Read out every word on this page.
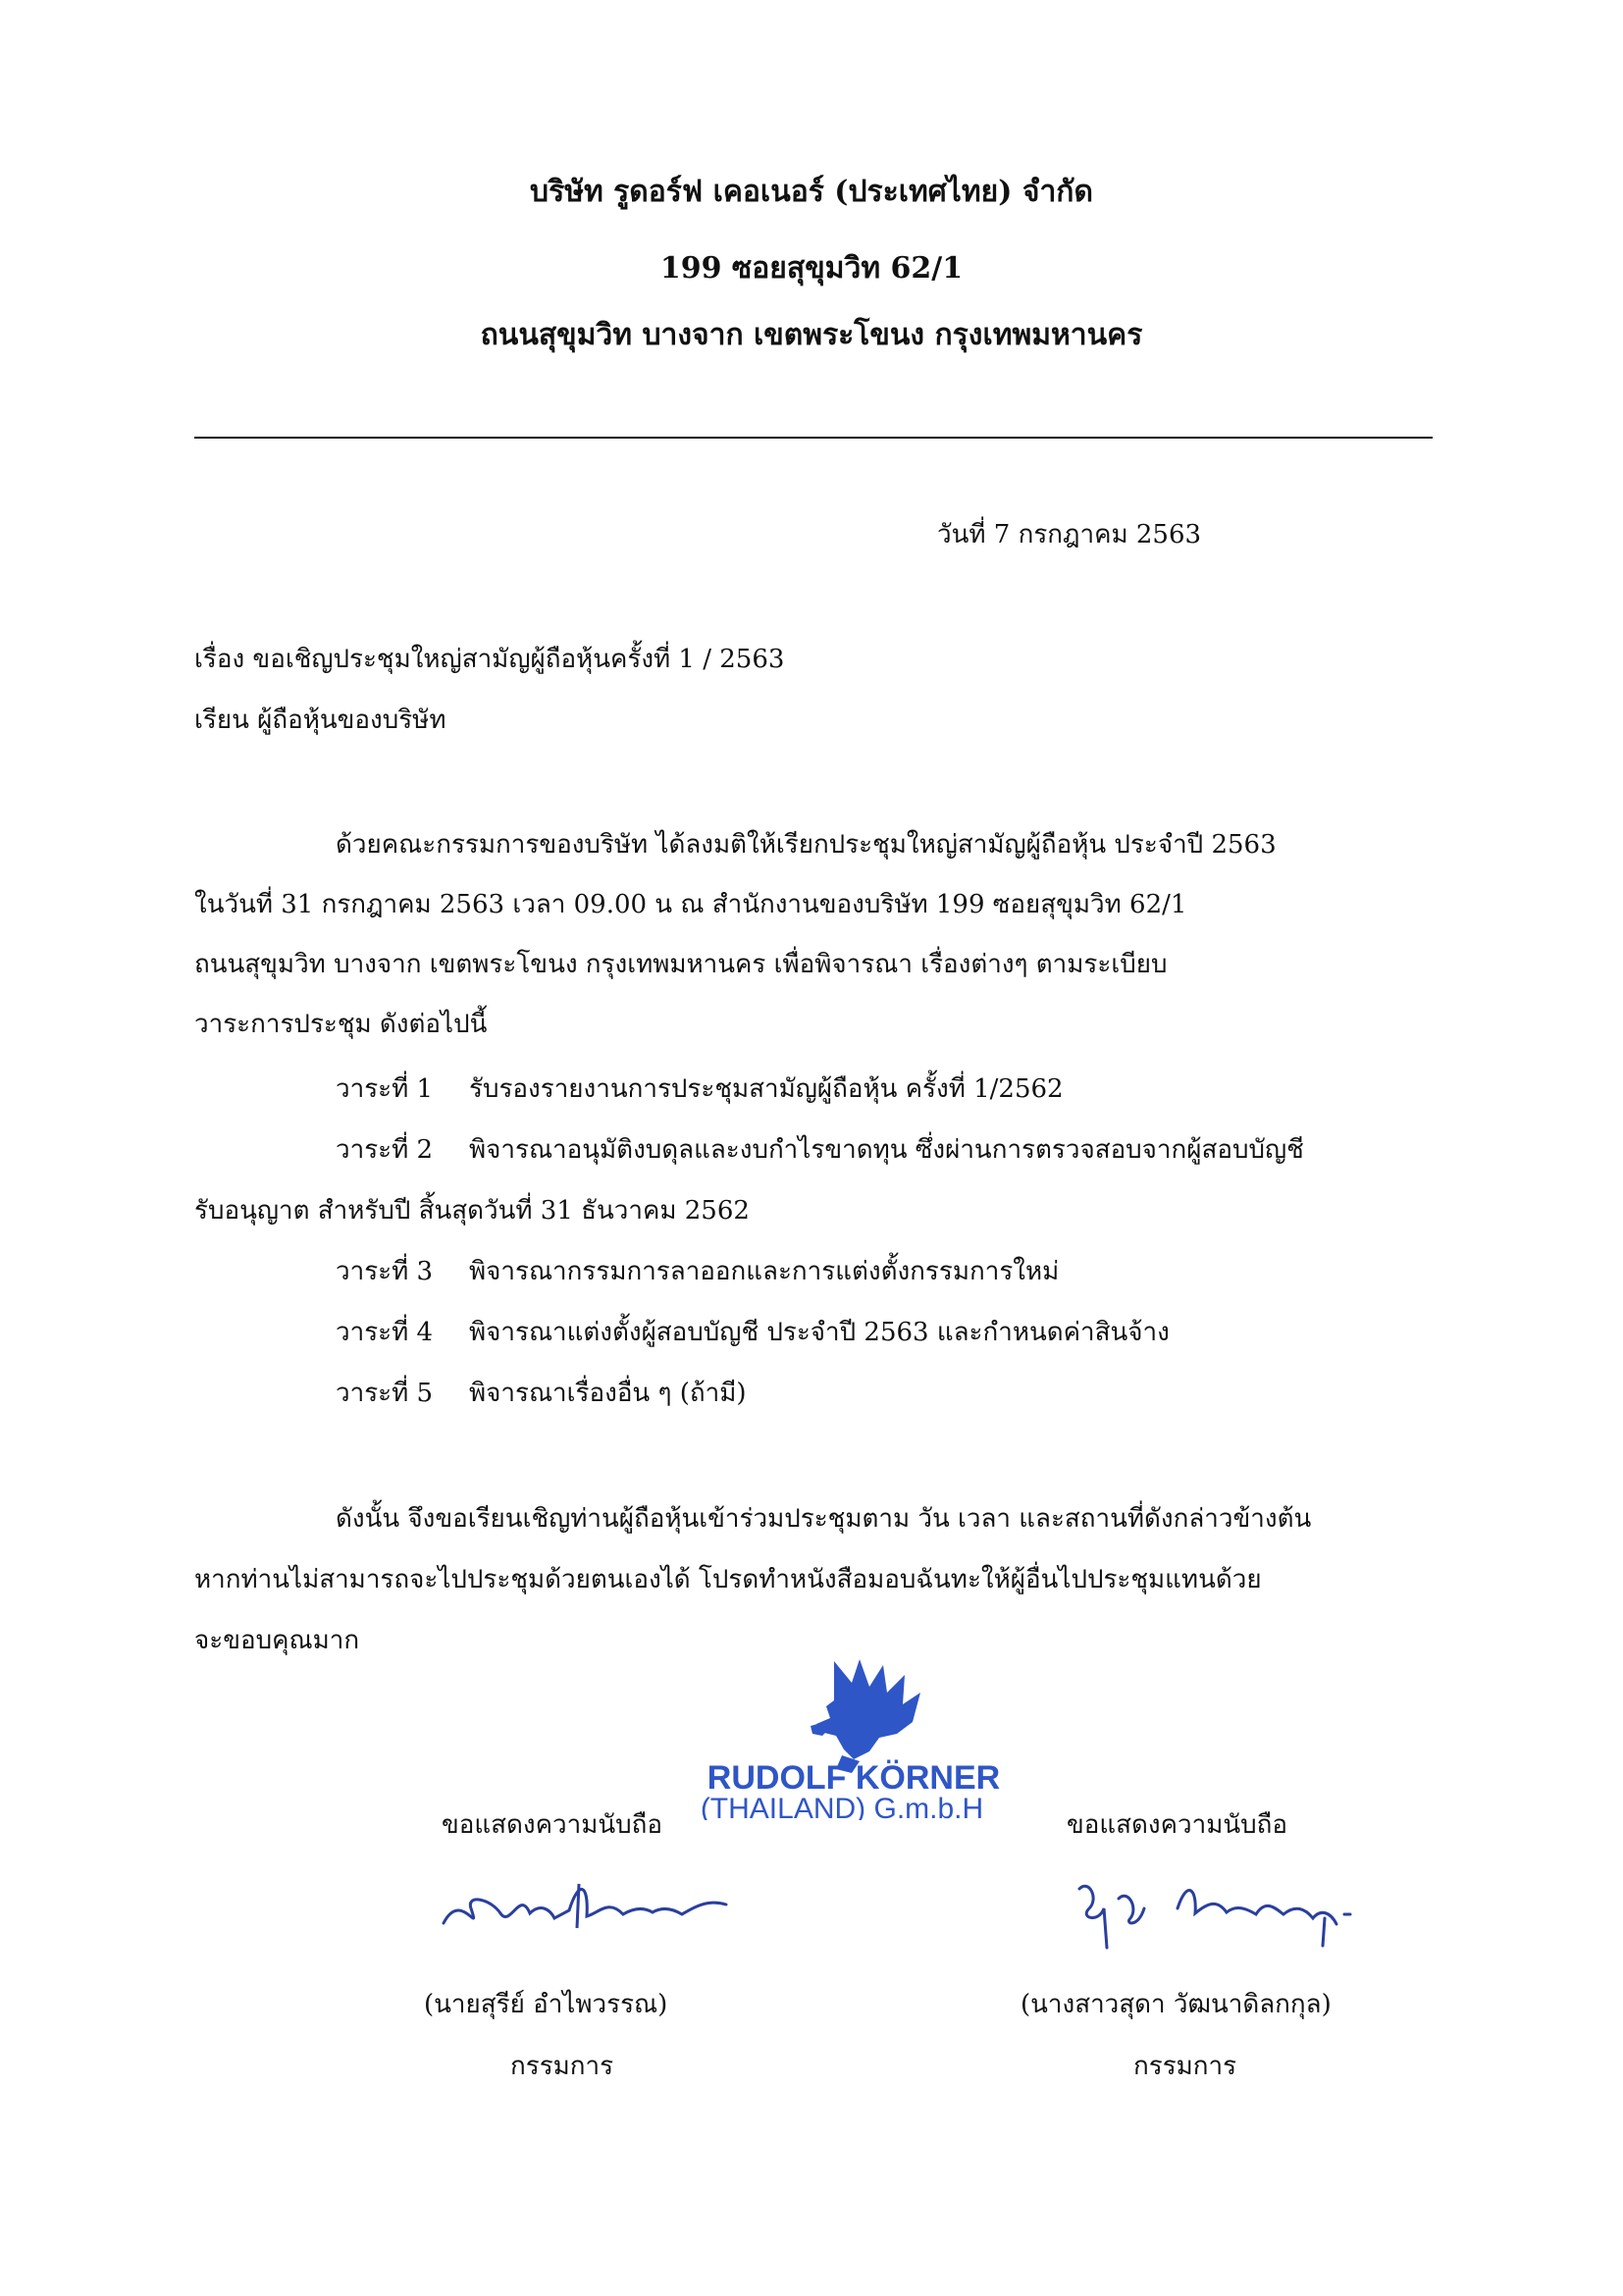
บริษัท รูดอร์ฟ เคอเนอร์ (ประเทศไทย) จำกัด
199 ซอยสุขุมวิท 62/1
ถนนสุขุมวิท บางจาก เขตพระโขนง กรุงเทพมหานคร
วันที่ 7 กรกฎาคม 2563
เรื่อง ขอเชิญประชุมใหญ่สามัญผู้ถือหุ้นครั้งที่ 1 / 2563
เรียน ผู้ถือหุ้นของบริษัท
ด้วยคณะกรรมการของบริษัท ได้ลงมติให้เรียกประชุมใหญ่สามัญผู้ถือหุ้น ประจำปี 2563
ในวันที่ 31 กรกฎาคม 2563 เวลา 09.00 น ณ สำนักงานของบริษัท 199 ซอยสุขุมวิท 62/1
ถนนสุขุมวิท บางจาก เขตพระโขนง กรุงเทพมหานคร เพื่อพิจารณา เรื่องต่างๆ ตามระเบียบ
วาระการประชุม ดังต่อไปนี้
วาระที่ 1 รับรองรายงานการประชุมสามัญผู้ถือหุ้น ครั้งที่ 1/2562
วาระที่ 2 พิจารณาอนุมัติงบดุลและงบกำไรขาดทุน ซึ่งผ่านการตรวจสอบจากผู้สอบบัญชี
รับอนุญาต สำหรับปี สิ้นสุดวันที่ 31 ธันวาคม 2562
วาระที่ 3 พิจารณากรรมการลาออกและการแต่งตั้งกรรมการใหม่
วาระที่ 4 พิจารณาแต่งตั้งผู้สอบบัญชี ประจำปี 2563 และกำหนดค่าสินจ้าง
วาระที่ 5 พิจารณาเรื่องอื่น ๆ (ถ้ามี)
ดังนั้น จึงขอเรียนเชิญท่านผู้ถือหุ้นเข้าร่วมประชุมตาม วัน เวลา และสถานที่ดังกล่าวข้างต้น
หากท่านไม่สามารถจะไปประชุมด้วยตนเองได้ โปรดทำหนังสือมอบฉันทะให้ผู้อื่นไปประชุมแทนด้วย
จะขอบคุณมาก
RUDOLF KÖRNER
(THAILAND) G.m.b.H
ขอแสดงความนับถือ
(นายสุรีย์ อำไพวรรณ)
กรรมการ
ขอแสดงความนับถือ
(นางสาวสุดา วัฒนาดิลกกุล)
กรรมการ
